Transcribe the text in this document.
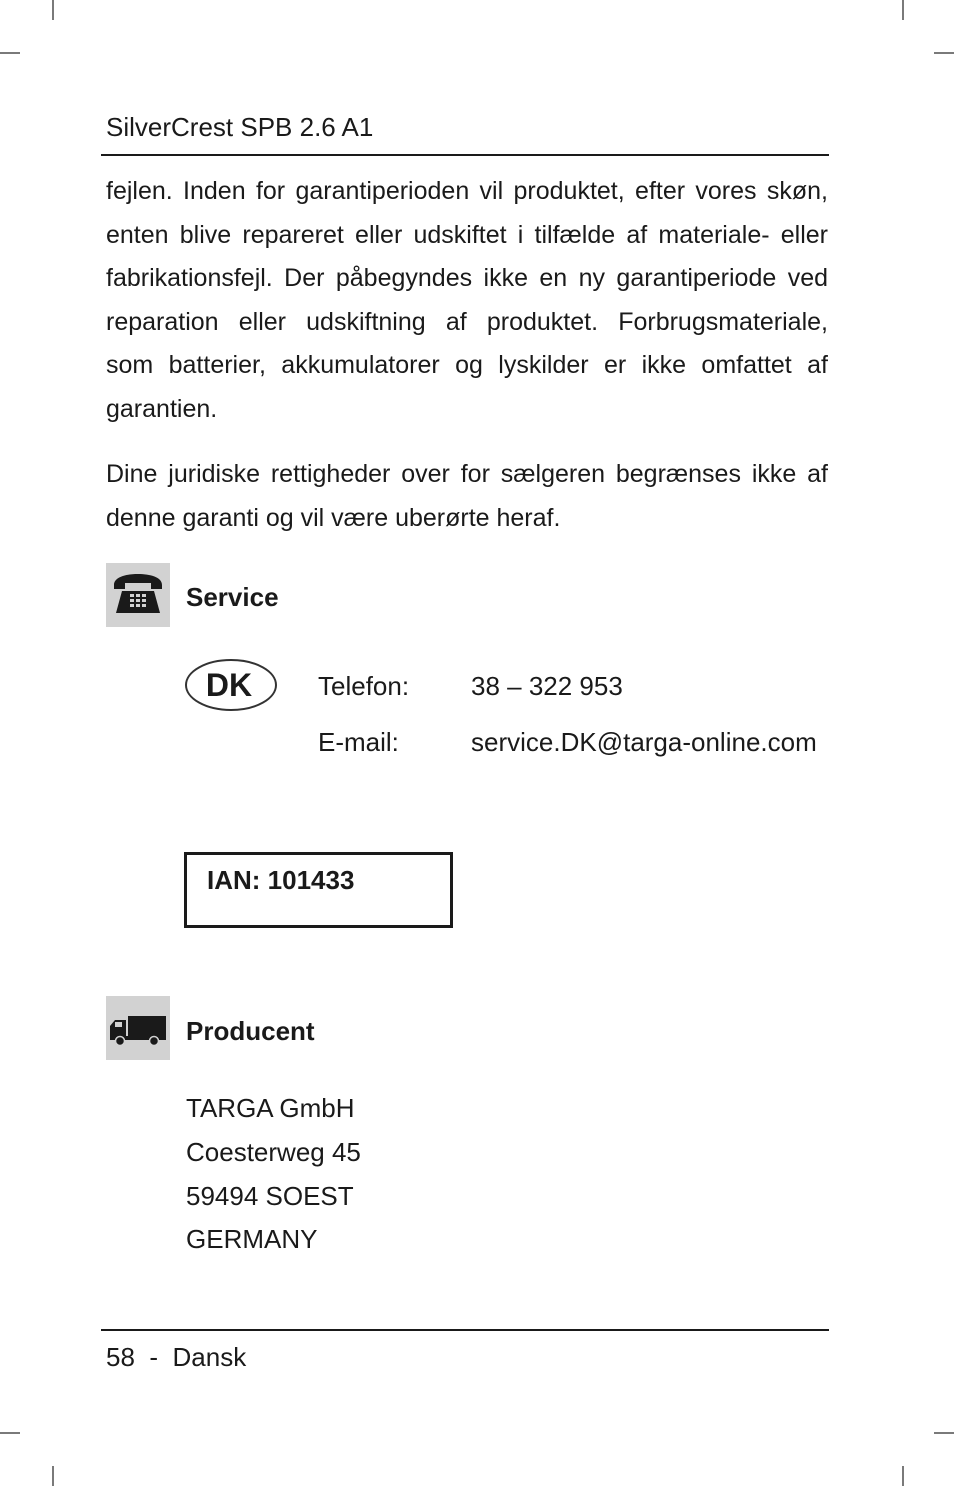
SilverCrest SPB 2.6 A1
fejlen. Inden for garantiperioden vil produktet, efter vores skøn,
enten blive repareret eller udskiftet i tilfælde af materiale- eller
fabrikationsfejl. Der påbegyndes ikke en ny garantiperiode ved
reparation eller udskiftning af produktet. Forbrugsmateriale,
som batterier, akkumulatorer og lyskilder er ikke omfattet af
garantien.
Dine juridiske rettigheder over for sælgeren begrænses ikke af
denne garanti og vil være uberørte heraf.
Service
DK	Telefon: 38 – 322 953
E-mail:	service.DK@targa-online.com
IAN: 101433
Producent
TARGA GmbH
Coesterweg 45
59494 SOEST
GERMANY
58 - Dansk
